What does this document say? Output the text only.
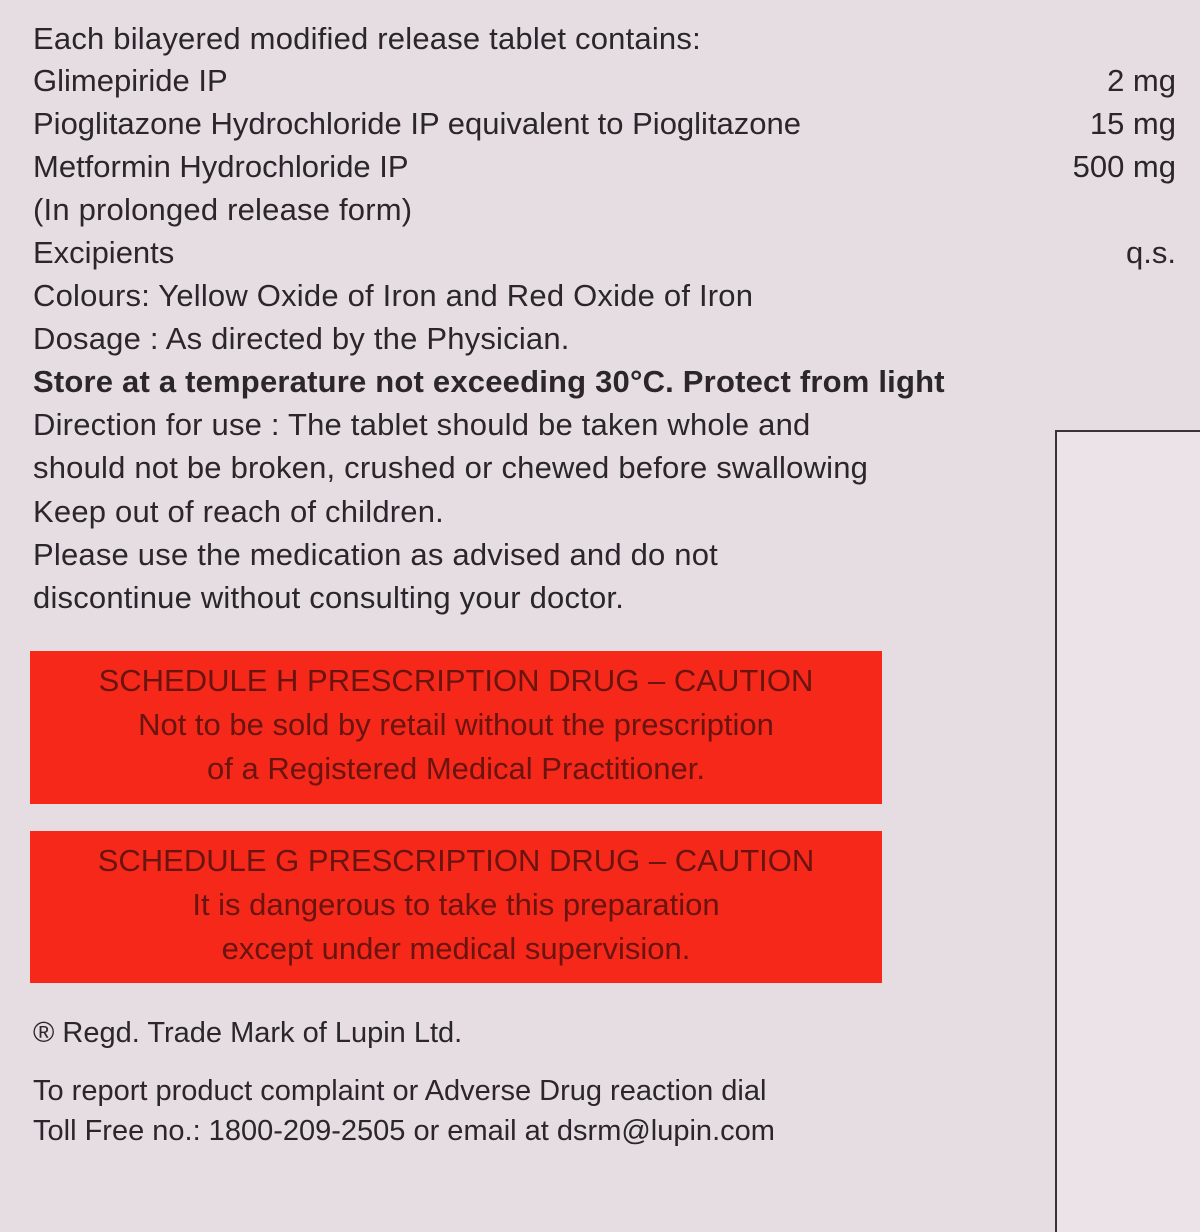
Each bilayered modified release tablet contains:
Glimepiride IP	2 mg
Pioglitazone Hydrochloride IP equivalent to Pioglitazone	15 mg
Metformin Hydrochloride IP	500 mg
(In prolonged release form)
Excipients	q.s.
Colours: Yellow Oxide of Iron and Red Oxide of Iron
Dosage : As directed by the Physician.
Store at a temperature not exceeding 30°C. Protect from light
Direction for use : The tablet should be taken whole and
should not be broken, crushed or chewed before swallowing
Keep out of reach of children.
Please use the medication as advised and do not
discontinue without consulting your doctor.
SCHEDULE H PRESCRIPTION DRUG – CAUTION
Not to be sold by retail without the prescription
of a Registered Medical Practitioner.
SCHEDULE G PRESCRIPTION DRUG – CAUTION
It is dangerous to take this preparation
except under medical supervision.
® Regd. Trade Mark of Lupin Ltd.
To report product complaint or Adverse Drug reaction dial
Toll Free no.: 1800-209-2505 or email at dsrm@lupin.com
